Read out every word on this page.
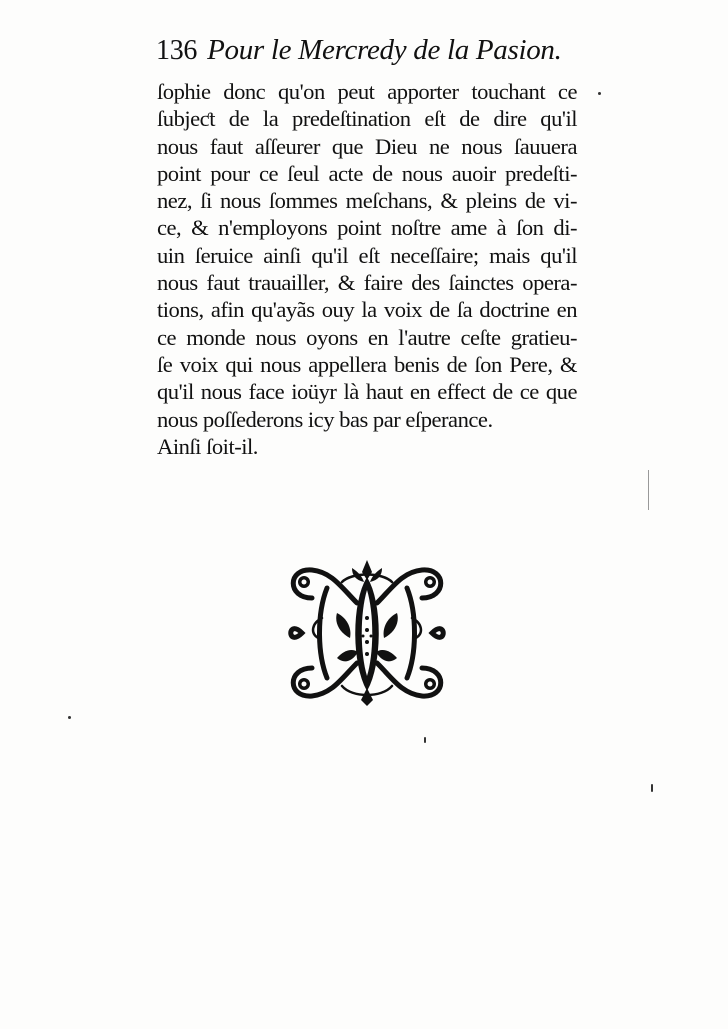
136 Pour le Mercredy de la Pasion.
ſophie donc qu'on peut apporter touchant ce
ſubjeƈt de la predeſtination eſt de dire qu'il
nous faut aſſeurer que Dieu ne nous ſauuera
point pour ce ſeul acte de nous auoir predeſti-
nez, ſi nous ſommes meſchans, & pleins de vi-
ce, & n'employons point noſtre ame à ſon di-
uin ſeruice ainſi qu'il eſt neceſſaire; mais qu'il
nous faut trauailler, & faire des ſainctes opera-
tions, afin qu'ayãs ouy la voix de ſa doctrine en
ce monde nous oyons en l'autre ceſte gratieu-
ſe voix qui nous appellera benis de ſon Pere, &
qu'il nous face ioüyr là haut en effect de ce que
nous poſſederons icy bas par eſperance.
Ainſi ſoit-il.
